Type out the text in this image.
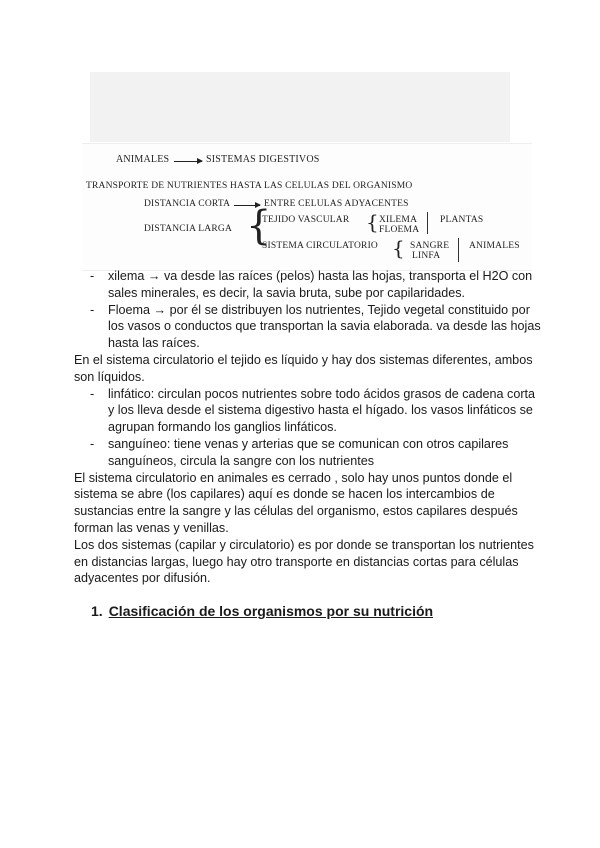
ANIMALES	SISTEMAS DIGESTIVOS
TRANSPORTE DE NUTRIENTES HASTA LAS CELULAS DEL ORGANISMO
DISTANCIA CORTA	ENTRE CELULAS ADYACENTES
DISTANCIA LARGA {
TEJIDO VASCULAR { XILEMA
FLOEMA
PLANTAS
SISTEMA CIRCULATORIO { SANGRE
LINFA
ANIMALES
- xilema → va desde las raíces (pelos) hasta las hojas, transporta el H2O con sales minerales, es decir, la savia bruta, sube por capilaridades.

- Floema → por él se distribuyen los nutrientes, Tejido vegetal constituido por los vasos o conductos que transportan la savia elaborada. va desde las hojas hasta las raíces.

En el sistema circulatorio el tejido es líquido y hay dos sistemas diferentes, ambos son líquidos.

- linfático: circulan pocos nutrientes sobre todo ácidos grasos de cadena corta y los lleva desde el sistema digestivo hasta el hígado. los vasos linfáticos se agrupan formando los ganglios linfáticos.

- sanguíneo: tiene venas y arterias que se comunican con otros capilares sanguíneos, circula la sangre con los nutrientes

El sistema circulatorio en animales es cerrado , solo hay unos puntos donde el sistema se abre (los capilares) aquí es donde se hacen los intercambios de sustancias entre la sangre y las células del organismo, estos capilares después forman las venas y venillas.

Los dos sistemas (capilar y circulatorio) es por donde se transportan los nutrientes en distancias largas, luego hay otro transporte en distancias cortas para células adyacentes por difusión.

1. Clasificación de los organismos por su nutrición
